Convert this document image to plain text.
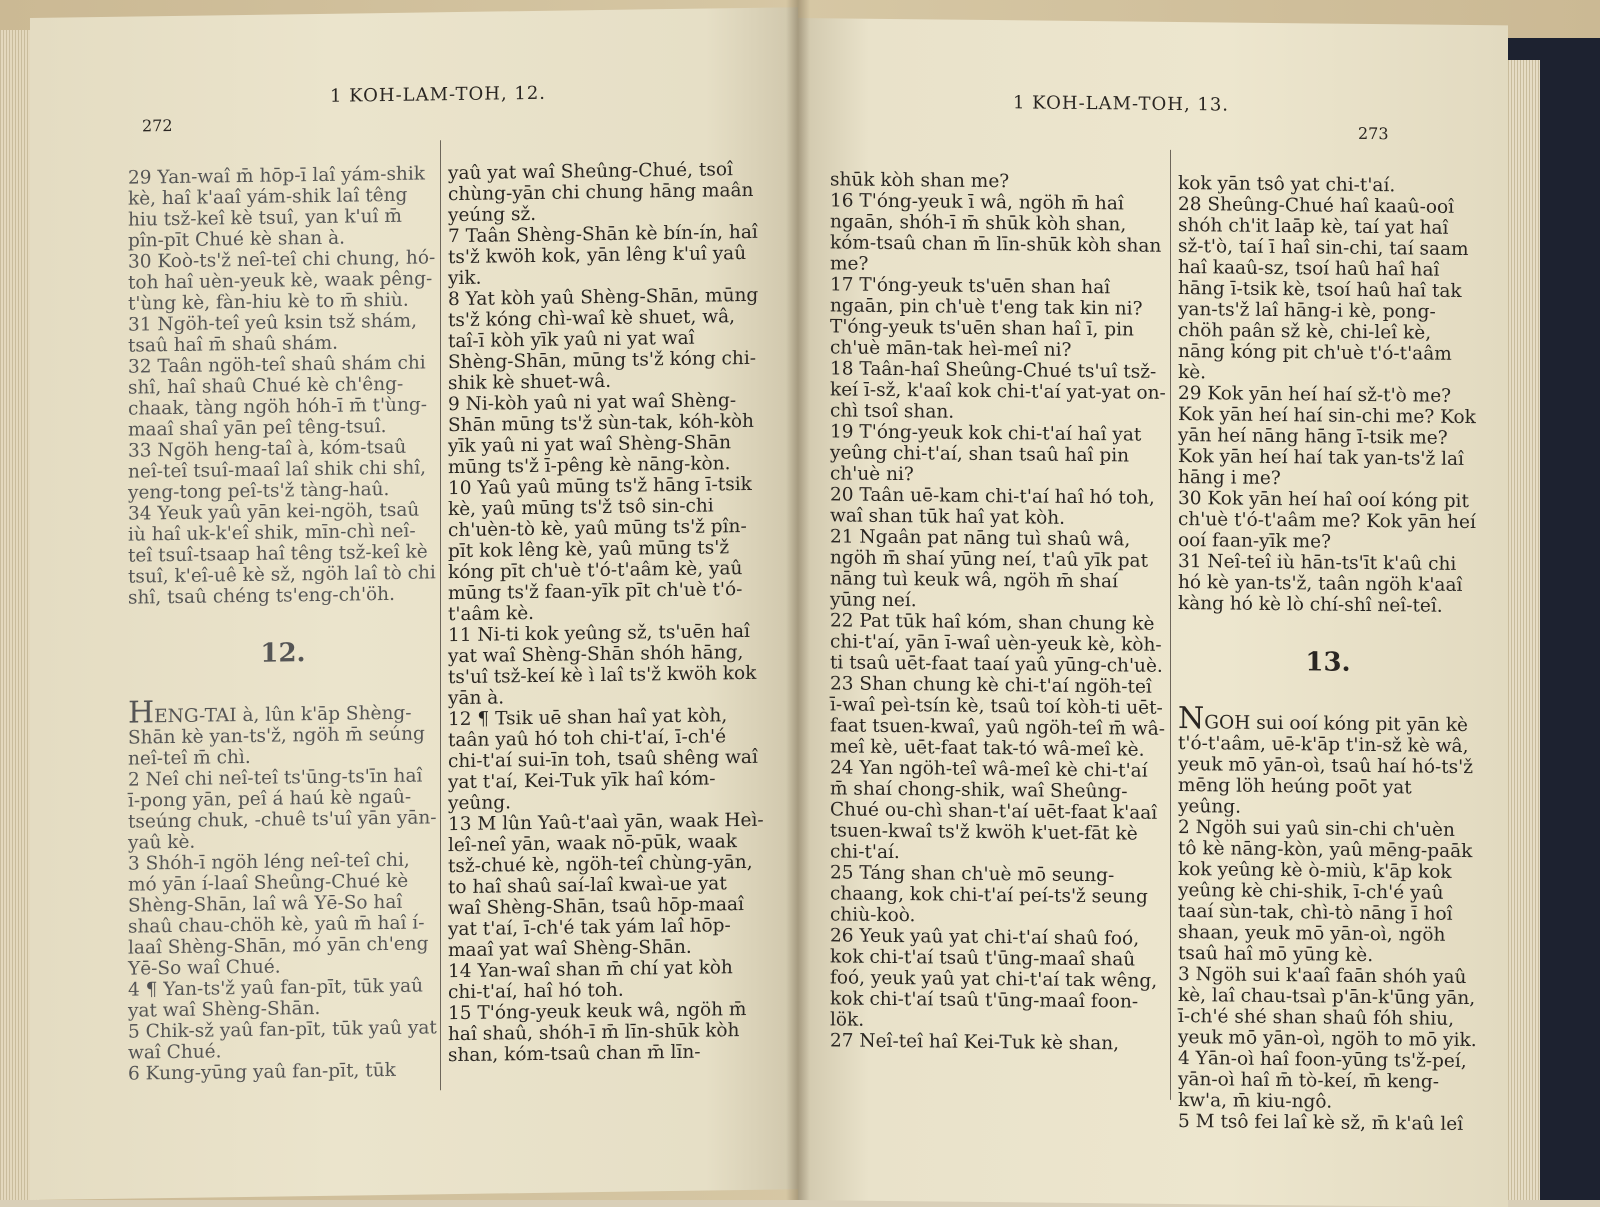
272
1 KOH-LAM-TOH, 12.

29 Yan-waî m̄ hōp-ī laî yám-shik kè, haî k'aaî yám-shik laî têng hiu tsž-keî kè tsuî, yan k'uî m̄ pîn-pīt Chué kè shan à.
30 Koò-ts'ž neî-teî chi chung, hó-toh haî uèn-yeuk kè, waak pêng-t'ùng kè, fàn-hiu kè to m̄ shiù.
31 Ngöh-teî yeû ksin tsž shám, tsaû haî m̄ shaû shám.
32 Taân ngöh-teî shaû shám chi shî, haî shaû Chué kè ch'êng-chaak, tàng ngöh hóh-ī m̄ t'ùng-maaî shaî yān peî têng-tsuî.
33 Ngöh heng-taî à, kóm-tsaû neî-teî tsuî-maaî laî shik chi shî, yeng-tong peî-ts'ž tàng-haû.
34 Yeuk yaû yān kei-ngöh, tsaû iù haî uk-k'eî shik, mīn-chì neî-teî tsuî-tsaap haî têng tsž-keî kè tsuî, k'eî-uê kè sž, ngöh laî tò chi shî, tsaû chéng ts'eng-ch'öh.

12.

HENG-TAI à, lûn k'āp Shèng-Shān kè yan-ts'ž, ngöh m̄ seúng neî-teî m̄ chì.
2 Neî chi neî-teî ts'ūng-ts'īn haî ī-pong yān, peî á haú kè ngaû-tseúng chuk, -chuê ts'uî yān yān-yaû kè.
3 Shóh-ī ngöh léng neî-teî chi, mó yān í-laaî Sheûng-Chué kè Shèng-Shān, laî wâ Yē-So haî shaû chau-chöh kè, yaû m̄ haî í-laaî Shèng-Shān, mó yān ch'eng Yē-So waî Chué.
4 ¶ Yan-ts'ž yaû fan-pīt, tūk yaû yat waî Shèng-Shān.
5 Chik-sž yaû fan-pīt, tūk yaû yat waî Chué.
6 Kung-yūng yaû fan-pīt, tūk

yaû yat waî Sheûng-Chué, tsoî chùng-yān chi chung hāng maân yeúng sž.
7 Taân Shèng-Shān kè bín-ín, haî ts'ž kwöh kok, yān lêng k'uî yaû yik.
8 Yat kòh yaû Shèng-Shān, mūng ts'ž kóng chì-waî kè shuet, wâ, taî-ī kòh yīk yaû ni yat waî Shèng-Shān, mūng ts'ž kóng chi-shik kè shuet-wâ.
9 Ni-kòh yaû ni yat waî Shèng-Shān mūng ts'ž sùn-tak, kóh-kòh yīk yaû ni yat waî Shèng-Shān mūng ts'ž ī-pêng kè nāng-kòn.
10 Yaû yaû mūng ts'ž hāng ī-tsik kè, yaû mūng ts'ž tsô sin-chi ch'uèn-tò kè, yaû mūng ts'ž pîn-pīt kok lêng kè, yaû mūng ts'ž kóng pīt ch'uè t'ó-t'aâm kè, yaû mūng ts'ž faan-yīk pīt ch'uè t'ó-t'aâm kè.
11 Ni-ti kok yeûng sž, ts'uēn haî yat waî Shèng-Shān shóh hāng, ts'uî tsž-keí kè ì laî ts'ž kwöh kok yān à.
12 ¶ Tsik uē shan haî yat kòh, taân yaû hó toh chi-t'aí, ī-ch'é chi-t'aí sui-īn toh, tsaû shêng waî yat t'aí, Kei-Tuk yīk haî kóm-yeûng.
13 M lûn Yaû-t'aaì yān, waak Heì-leî-neî yān, waak nō-pūk, waak tsž-chué kè, ngöh-teî chùng-yān, to haî shaû saí-laî kwaì-ue yat waî Shèng-Shān, tsaû hōp-maaî yat t'aí, ī-ch'é tak yám laî hōp-maaî yat waî Shèng-Shān.
14 Yan-waî shan m̄ chí yat kòh chi-t'aí, haî hó toh.
15 T'óng-yeuk keuk wâ, ngöh m̄ haî shaû, shóh-ī m̄ līn-shūk kòh shan, kóm-tsaû chan m̄ līn-

1 KOH-LAM-TOH, 13.
273

shūk kòh shan me?
16 T'óng-yeuk ī wâ, ngöh m̄ haî ngaān, shóh-ī m̄ shūk kòh shan, kóm-tsaû chan m̄ līn-shūk kòh shan me?
17 T'óng-yeuk ts'uēn shan haî ngaān, pin ch'uè t'eng tak kin ni? T'óng-yeuk ts'uēn shan haî ī, pin ch'uè mān-tak heì-meî ni?
18 Taân-haî Sheûng-Chué ts'uî tsž-keí ī-sž, k'aaî kok chi-t'aí yat-yat on-chì tsoî shan.
19 T'óng-yeuk kok chi-t'aí haî yat yeûng chi-t'aí, shan tsaû haî pin ch'uè ni?
20 Taân uē-kam chi-t'aí haî hó toh, waî shan tūk haî yat kòh.
21 Ngaân pat nāng tuì shaû wâ, ngöh m̄ shaí yūng neí, t'aû yīk pat nāng tuì keuk wâ, ngöh m̄ shaí yūng neí.
22 Pat tūk haî kóm, shan chung kè chi-t'aí, yān ī-waî uèn-yeuk kè, kòh-ti tsaû uēt-faat taaí yaû yūng-ch'uè.
23 Shan chung kè chi-t'aí ngöh-teî ī-waî peì-tsín kè, tsaû toí kòh-ti uēt-faat tsuen-kwaî, yaû ngöh-teî m̄ wâ-meî kè, uēt-faat tak-tó wâ-meî kè.
24 Yan ngöh-teî wâ-meî kè chi-t'aí m̄ shaí chong-shik, waî Sheûng-Chué ou-chì shan-t'aí uēt-faat k'aaî tsuen-kwaî ts'ž kwöh k'uet-fāt kè chi-t'aí.
25 Táng shan ch'uè mō seung-chaang, kok chi-t'aí peí-ts'ž seung chiù-koò.
26 Yeuk yaû yat chi-t'aí shaû foó, kok chi-t'aí tsaû t'ūng-maaî shaû foó, yeuk yaû yat chi-t'aí tak wêng, kok chi-t'aí tsaû t'ūng-maaî foon-lök.
27 Neî-teî haî Kei-Tuk kè shan,

kok yān tsô yat chi-t'aí.
28 Sheûng-Chué haî kaaû-ooî shóh ch'it laāp kè, taí yat haî sž-t'ò, taí ī haî sin-chi, taí saam haî kaaû-sz, tsoí haû haî haî hāng ī-tsik kè, tsoí haû haî tak yan-ts'ž laî hāng-i kè, pong-chöh paân sž kè, chi-leî kè, nāng kóng pit ch'uè t'ó-t'aâm kè.
29 Kok yān heí haí sž-t'ò me? Kok yān heí haí sin-chi me? Kok yān heí nāng hāng ī-tsik me? Kok yān heí haí tak yan-ts'ž laî hāng i me?
30 Kok yān heí haî ooí kóng pit ch'uè t'ó-t'aâm me? Kok yān heí ooí faan-yīk me?
31 Neî-teî iù hān-ts'īt k'aû chi hó kè yan-ts'ž, taân ngöh k'aaî kàng hó kè lò chí-shî neî-teî.

13.

NGOH sui ooí kóng pit yān kè t'ó-t'aâm, uē-k'āp t'in-sž kè wâ, yeuk mō yān-oì, tsaû haí hó-ts'ž mēng löh heúng poōt yat yeûng.
2 Ngöh sui yaû sin-chi ch'uèn tô kè nāng-kòn, yaû mēng-paāk kok yeûng kè ò-miù, k'āp kok yeûng kè chi-shik, ī-ch'é yaû taaí sùn-tak, chì-tò nāng ī hoî shaan, yeuk mō yān-oì, ngöh tsaû haî mō yūng kè.
3 Ngöh sui k'aaî faān shóh yaû kè, laî chau-tsaì p'ān-k'ūng yān, ī-ch'é shé shan shaû fóh shiu, yeuk mō yān-oì, ngöh to mō yik.
4 Yān-oì haî foon-yūng ts'ž-peí, yān-oì haî m̄ tò-keí, m̄ keng-kw'a, m̄ kiu-ngô.
5 M tsô fei laî kè sž, m̄ k'aû leî
